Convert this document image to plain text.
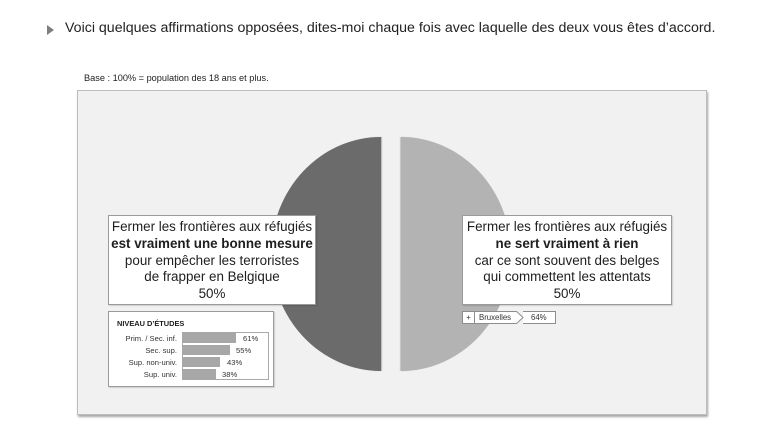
Voici quelques affirmations opposées, dites-moi chaque fois avec laquelle des deux vous êtes d’accord.
Base : 100% = population des 18 ans et plus.
Fermer les frontières aux réfugiés
est vraiment une bonne mesure
pour empêcher les terroristes
de frapper en Belgique
50%
Fermer les frontières aux réfugiés
ne sert vraiment à rien
car ce sont souvent des belges
qui commettent les attentats
50%
NIVEAU D’ÉTUDES
Prim. / Sec. inf.	61%
Sec. sup.	55%
Sup. non-univ.	43%
Sup. univ.	38%
+	Bruxelles	64%
